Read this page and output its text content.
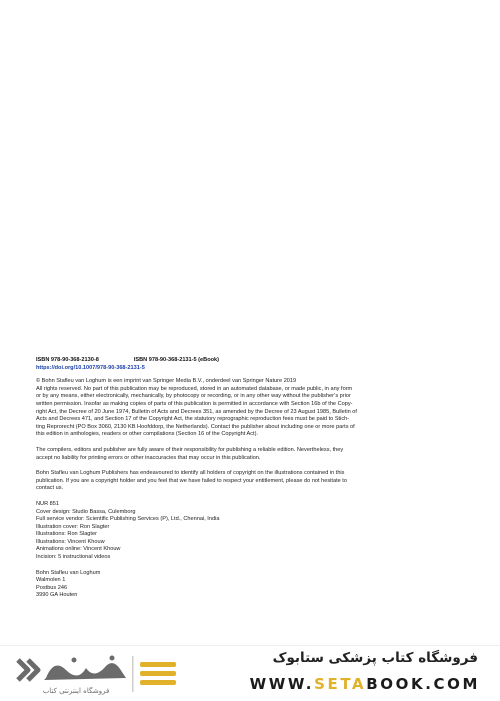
ISBN 978-90-368-2130-8	ISBN 978-90-368-2131-5 (eBook)
https://doi.org/10.1007/978-90-368-2131-5
© Bohn Stafleu van Loghum is een imprint van Springer Media B.V., onderdeel van Springer Nature 2019
All rights reserved. No part of this publication may be reproduced, stored in an automated database, or made public, in any form
or by any means, either electronically, mechanically, by photocopy or recording, or in any other way without the publisher’s prior
written permission. Insofar as making copies of parts of this publication is permitted in accordance with Section 16b of the Copy-
right Act, the Decree of 20 June 1974, Bulletin of Acts and Decrees 351, as amended by the Decree of 23 August 1985, Bulletin of
Acts and Decrees 471, and Section 17 of the Copyright Act, the statutory reprographic reproduction fees must be paid to Stich-
ting Reprorecht (PO Box 3060, 2130 KB Hoofddorp, the Netherlands). Contact the publisher about including one or more parts of
this edition in anthologies, readers or other compilations (Section 16 of the Copyright Act).
The compilers, editors and publisher are fully aware of their responsibility for publishing a reliable edition. Nevertheless, they
accept no liability for printing errors or other inaccuracies that may occur in this publication.
Bohn Stafleu van Loghum Publishers has endeavoured to identify all holders of copyright on the illustrations contained in this
publication. If you are a copyright holder and you feel that we have failed to respect your entitlement, please do not hesitate to
contact us.
NUR 851
Cover design: Studio Bassa, Culemborg
Full service vendor: Scientific Publishing Services (P), Ltd., Chennai, India
Illustration cover: Ron Slagter
Illustrations: Ron Slagter
Illustrations: Vincent Khouw
Animations online: Vincent Khouw
Incision: 5 instructional videos
Bohn Stafleu van Loghum
Walmolen 1
Postbus 246
3990 GA Houten
فروشگاه اینترنتی کتاب
فروشگاه کتاب پزشکی ستابوک
WWW.SETABOOK.COM
